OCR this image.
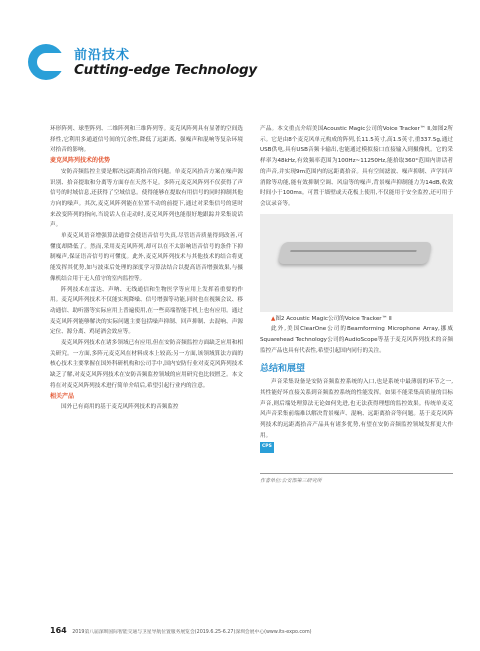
前沿技术
Cutting-edge Technology

环形阵列、球型阵列、二维阵列和三维阵列等。麦克风阵列具有显著的空间选择性,它利用多通道信号间的冗余性,降低了远距离、强噪声和混响等复杂环境对拾音的影响。

麦克风阵列技术的优势

安防音频监控主要是解决远距离拾音的问题。单麦克风拾音方案在噪声源识别、拾音提取和分离等方面存在天然不足。多阵元麦克风阵列不仅获得了声信号的时域信息,还获得了空域信息。使得能够在提取有用信号的同时抑制其他方向的噪声。其次,麦克风阵列能在位置不动的前提下,通过对采集信号的延时来改变阵列的指向,当说话人在走动时,麦克风阵列也能很好地跟踪并采集说话声。

单麦克风语音增强算法通常会使语音信号失真,尽管语音质量得到改善,可懂度却降低了。然而,采用麦克风阵列,却可以在不太影响语音信号的条件下抑制噪声,保证语音信号的可懂度。此外,麦克风阵列技术与其他技术的结合将更能发挥其优势,如与波束后处理的深度学习算法结合以提高语音增强效果,与摄像机结合用于无人值守的室内监控等。

阵列技术在雷达、声呐、无线通信和生物医学等应用上发挥着重要的作用。麦克风阵列技术不仅能实现降噪、信号增强等功能,同时也在视频会议、移动通信、助听器等实际应用上普遍使用,在一些高端智能手机上也有应用。通过麦克风阵列能够解决的实际问题主要包括噪声抑制、回声抑制、去混响、声源定位、源分离、鸡尾酒会效应等。

麦克风阵列技术在诸多领域已有应用,但在安防音频监控方面缺乏应用和相关研究。一方面,多阵元麦克风在材料成本上较高;另一方面,该领域算法方面的核心技术主要掌握在国外科研机构和公司手中,国内安防行业对麦克风阵列技术缺乏了解,对麦克风阵列技术在安防音频监控领域的应用研究也比较匮乏。本文将在对麦克风阵列技术进行简单介绍后,希望引起行业内的注意。

相关产品

国外已有商用的基于麦克风阵列技术的音频监控

产品。本文重点介绍美国Acoustic Magic公司的Voice Tracker™ Ⅱ,如图2所示。它是由8个麦克风单元构成的阵列,长11.5英寸,高1.5英寸,重337.5g,通过USB供电,具有USB音频卡输出,也能通过模拟接口直接输入到摄像机。它的采样率为48kHz,有效频率范围为100Hz~11250Hz,能拾取360°范围内讲话者的声音,并实现9m范围内的远距离拾音。具有空间滤波、噪声抑制、声学回声消除等功能,能有效抑制空调、风扇等的噪声,背景噪声抑制能力为14dB,收敛时间小于100ms。可置于墙壁或天花板上使用,不仅能用于安全监控,还可用于会议录音等。

▲图2 Acoustic Magic公司的Voice Tracker™ Ⅱ

此外,美国ClearOne公司的Beamforming Microphone Array,挪威Squarehead Technology公司的AudioScope等基于麦克风阵列技术的音频监控产品也具有代表性,希望引起国内同行的关注。

总结和展望

声音采集设备是安防音频监控系统的入口,也是系统中最薄弱的环节之一,其性能好坏直接关系到音频监控系统的性能发挥。如果不能采集高质量的目标声音,则后端处理算法无论如何先进,也无法获得理想的监控效果。传统单麦克风声音采集前端难以解决背景噪声、混响、远距离拾音等问题。基于麦克风阵列技术的远距离拾音产品具有诸多优势,有望在安防音频监控领域发挥更大作用。

CPS
作者单位:公安部第三研究所
164 2019第八届深圳国际智能交通与卫星导航位置服务展览会(2019.6.25-6.27)深圳会展中心(www.its-expo.com)
